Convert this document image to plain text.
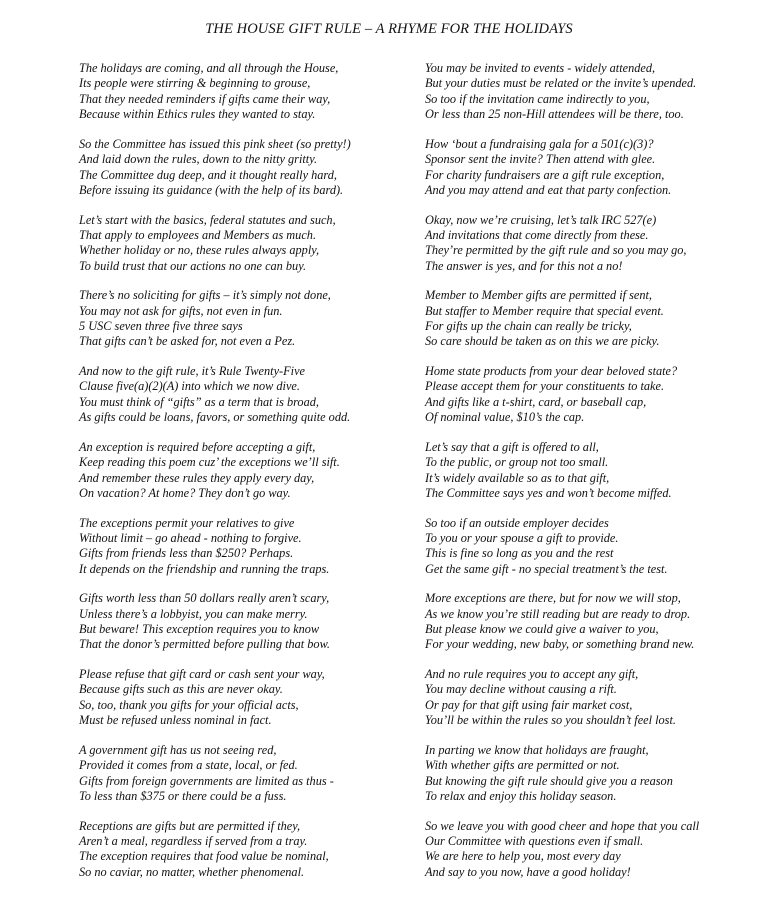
THE HOUSE GIFT RULE – A RHYME FOR THE HOLIDAYS
The holidays are coming, and all through the House,
Its people were stirring & beginning to grouse,
That they needed reminders if gifts came their way,
Because within Ethics rules they wanted to stay.
So the Committee has issued this pink sheet (so pretty!)
And laid down the rules, down to the nitty gritty.
The Committee dug deep, and it thought really hard,
Before issuing its guidance (with the help of its bard).
Let’s start with the basics, federal statutes and such,
That apply to employees and Members as much.
Whether holiday or no, these rules always apply,
To build trust that our actions no one can buy.
There’s no soliciting for gifts – it’s simply not done,
You may not ask for gifts, not even in fun.
5 USC seven three five three says
That gifts can’t be asked for, not even a Pez.
And now to the gift rule, it’s Rule Twenty-Five
Clause five(a)(2)(A) into which we now dive.
You must think of “gifts” as a term that is broad,
As gifts could be loans, favors, or something quite odd.
An exception is required before accepting a gift,
Keep reading this poem cuz’ the exceptions we’ll sift.
And remember these rules they apply every day,
On vacation? At home? They don’t go way.
The exceptions permit your relatives to give
Without limit – go ahead - nothing to forgive.
Gifts from friends less than $250? Perhaps.
It depends on the friendship and running the traps.
Gifts worth less than 50 dollars really aren’t scary,
Unless there’s a lobbyist, you can make merry.
But beware! This exception requires you to know
That the donor’s permitted before pulling that bow.
Please refuse that gift card or cash sent your way,
Because gifts such as this are never okay.
So, too, thank you gifts for your official acts,
Must be refused unless nominal in fact.
A government gift has us not seeing red,
Provided it comes from a state, local, or fed.
Gifts from foreign governments are limited as thus -
To less than $375 or there could be a fuss.
Receptions are gifts but are permitted if they,
Aren’t a meal, regardless if served from a tray.
The exception requires that food value be nominal,
So no caviar, no matter, whether phenomenal.
You may be invited to events - widely attended,
But your duties must be related or the invite’s upended.
So too if the invitation came indirectly to you,
Or less than 25 non-Hill attendees will be there, too.
How ‘bout a fundraising gala for a 501(c)(3)?
Sponsor sent the invite? Then attend with glee.
For charity fundraisers are a gift rule exception,
And you may attend and eat that party confection.
Okay, now we’re cruising, let’s talk IRC 527(e)
And invitations that come directly from these.
They’re permitted by the gift rule and so you may go,
The answer is yes, and for this not a no!
Member to Member gifts are permitted if sent,
But staffer to Member require that special event.
For gifts up the chain can really be tricky,
So care should be taken as on this we are picky.
Home state products from your dear beloved state?
Please accept them for your constituents to take.
And gifts like a t-shirt, card, or baseball cap,
Of nominal value, $10’s the cap.
Let’s say that a gift is offered to all,
To the public, or group not too small.
It’s widely available so as to that gift,
The Committee says yes and won’t become miffed.
So too if an outside employer decides
To you or your spouse a gift to provide.
This is fine so long as you and the rest
Get the same gift - no special treatment’s the test.
More exceptions are there, but for now we will stop,
As we know you’re still reading but are ready to drop.
But please know we could give a waiver to you,
For your wedding, new baby, or something brand new.
And no rule requires you to accept any gift,
You may decline without causing a rift.
Or pay for that gift using fair market cost,
You’ll be within the rules so you shouldn’t feel lost.
In parting we know that holidays are fraught,
With whether gifts are permitted or not.
But knowing the gift rule should give you a reason
To relax and enjoy this holiday season.
So we leave you with good cheer and hope that you call
Our Committee with questions even if small.
We are here to help you, most every day
And say to you now, have a good holiday!
